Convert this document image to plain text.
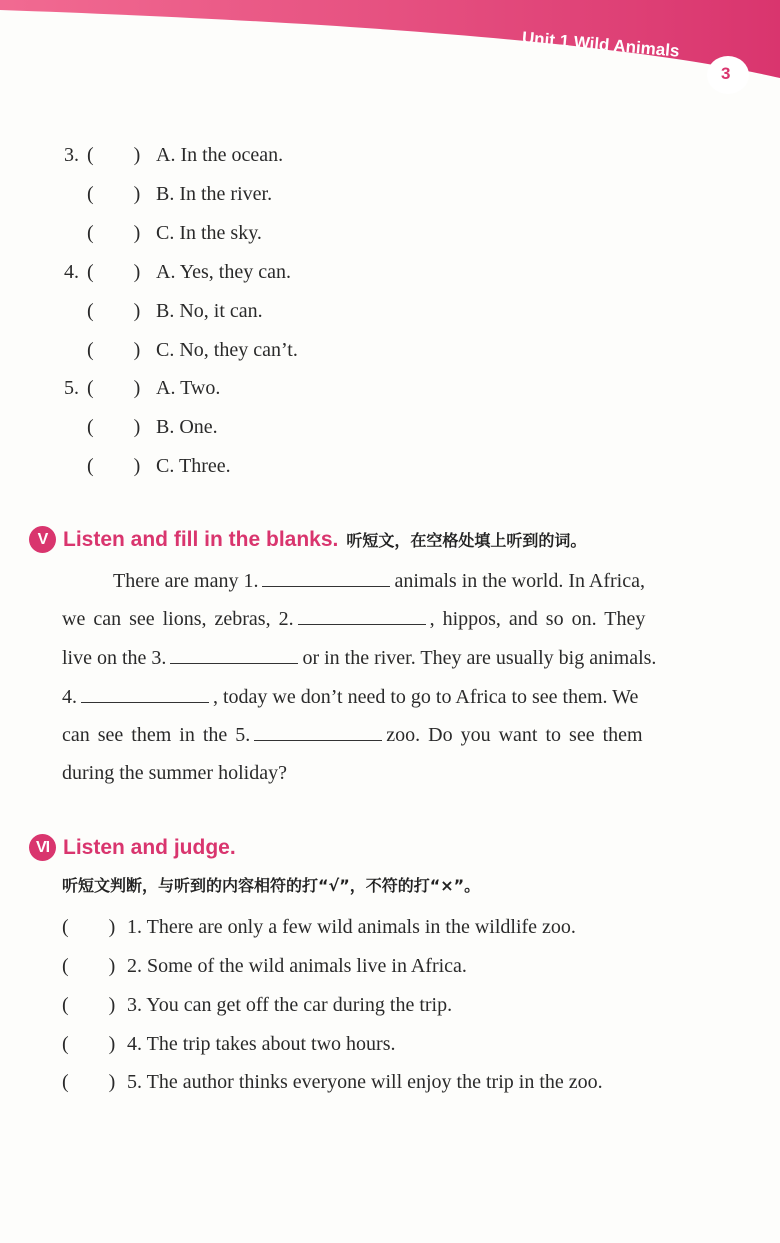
Unit 1 Wild Animals
3
3. (        ) A. In the ocean.
(        ) B. In the river.
(        ) C. In the sky.
4. (        ) A. Yes, they can.
(        ) B. No, it can.
(        ) C. No, they can’t.
5. (        ) A. Two.
(        ) B. One.
(        ) C. Three.
V Listen and fill in the blanks. 听短文，在空格处填上听到的词。
There are many 1.	animals in the world. In Africa,
we can see lions, zebras, 2.	, hippos, and so on. They
live on the 3.	or in the river. They are usually big animals.
4.	, today we don’t need to go to Africa to see them. We
can see them in the 5.	zoo. Do you want to see them
during the summer holiday?
VI Listen and judge.
听短文判断，与听到的内容相符的打“√”，不符的打“×”。
(        ) 1. There are only a few wild animals in the wildlife zoo.
(        ) 2. Some of the wild animals live in Africa.
(        ) 3. You can get off the car during the trip.
(        ) 4. The trip takes about two hours.
(        ) 5. The author thinks everyone will enjoy the trip in the zoo.
